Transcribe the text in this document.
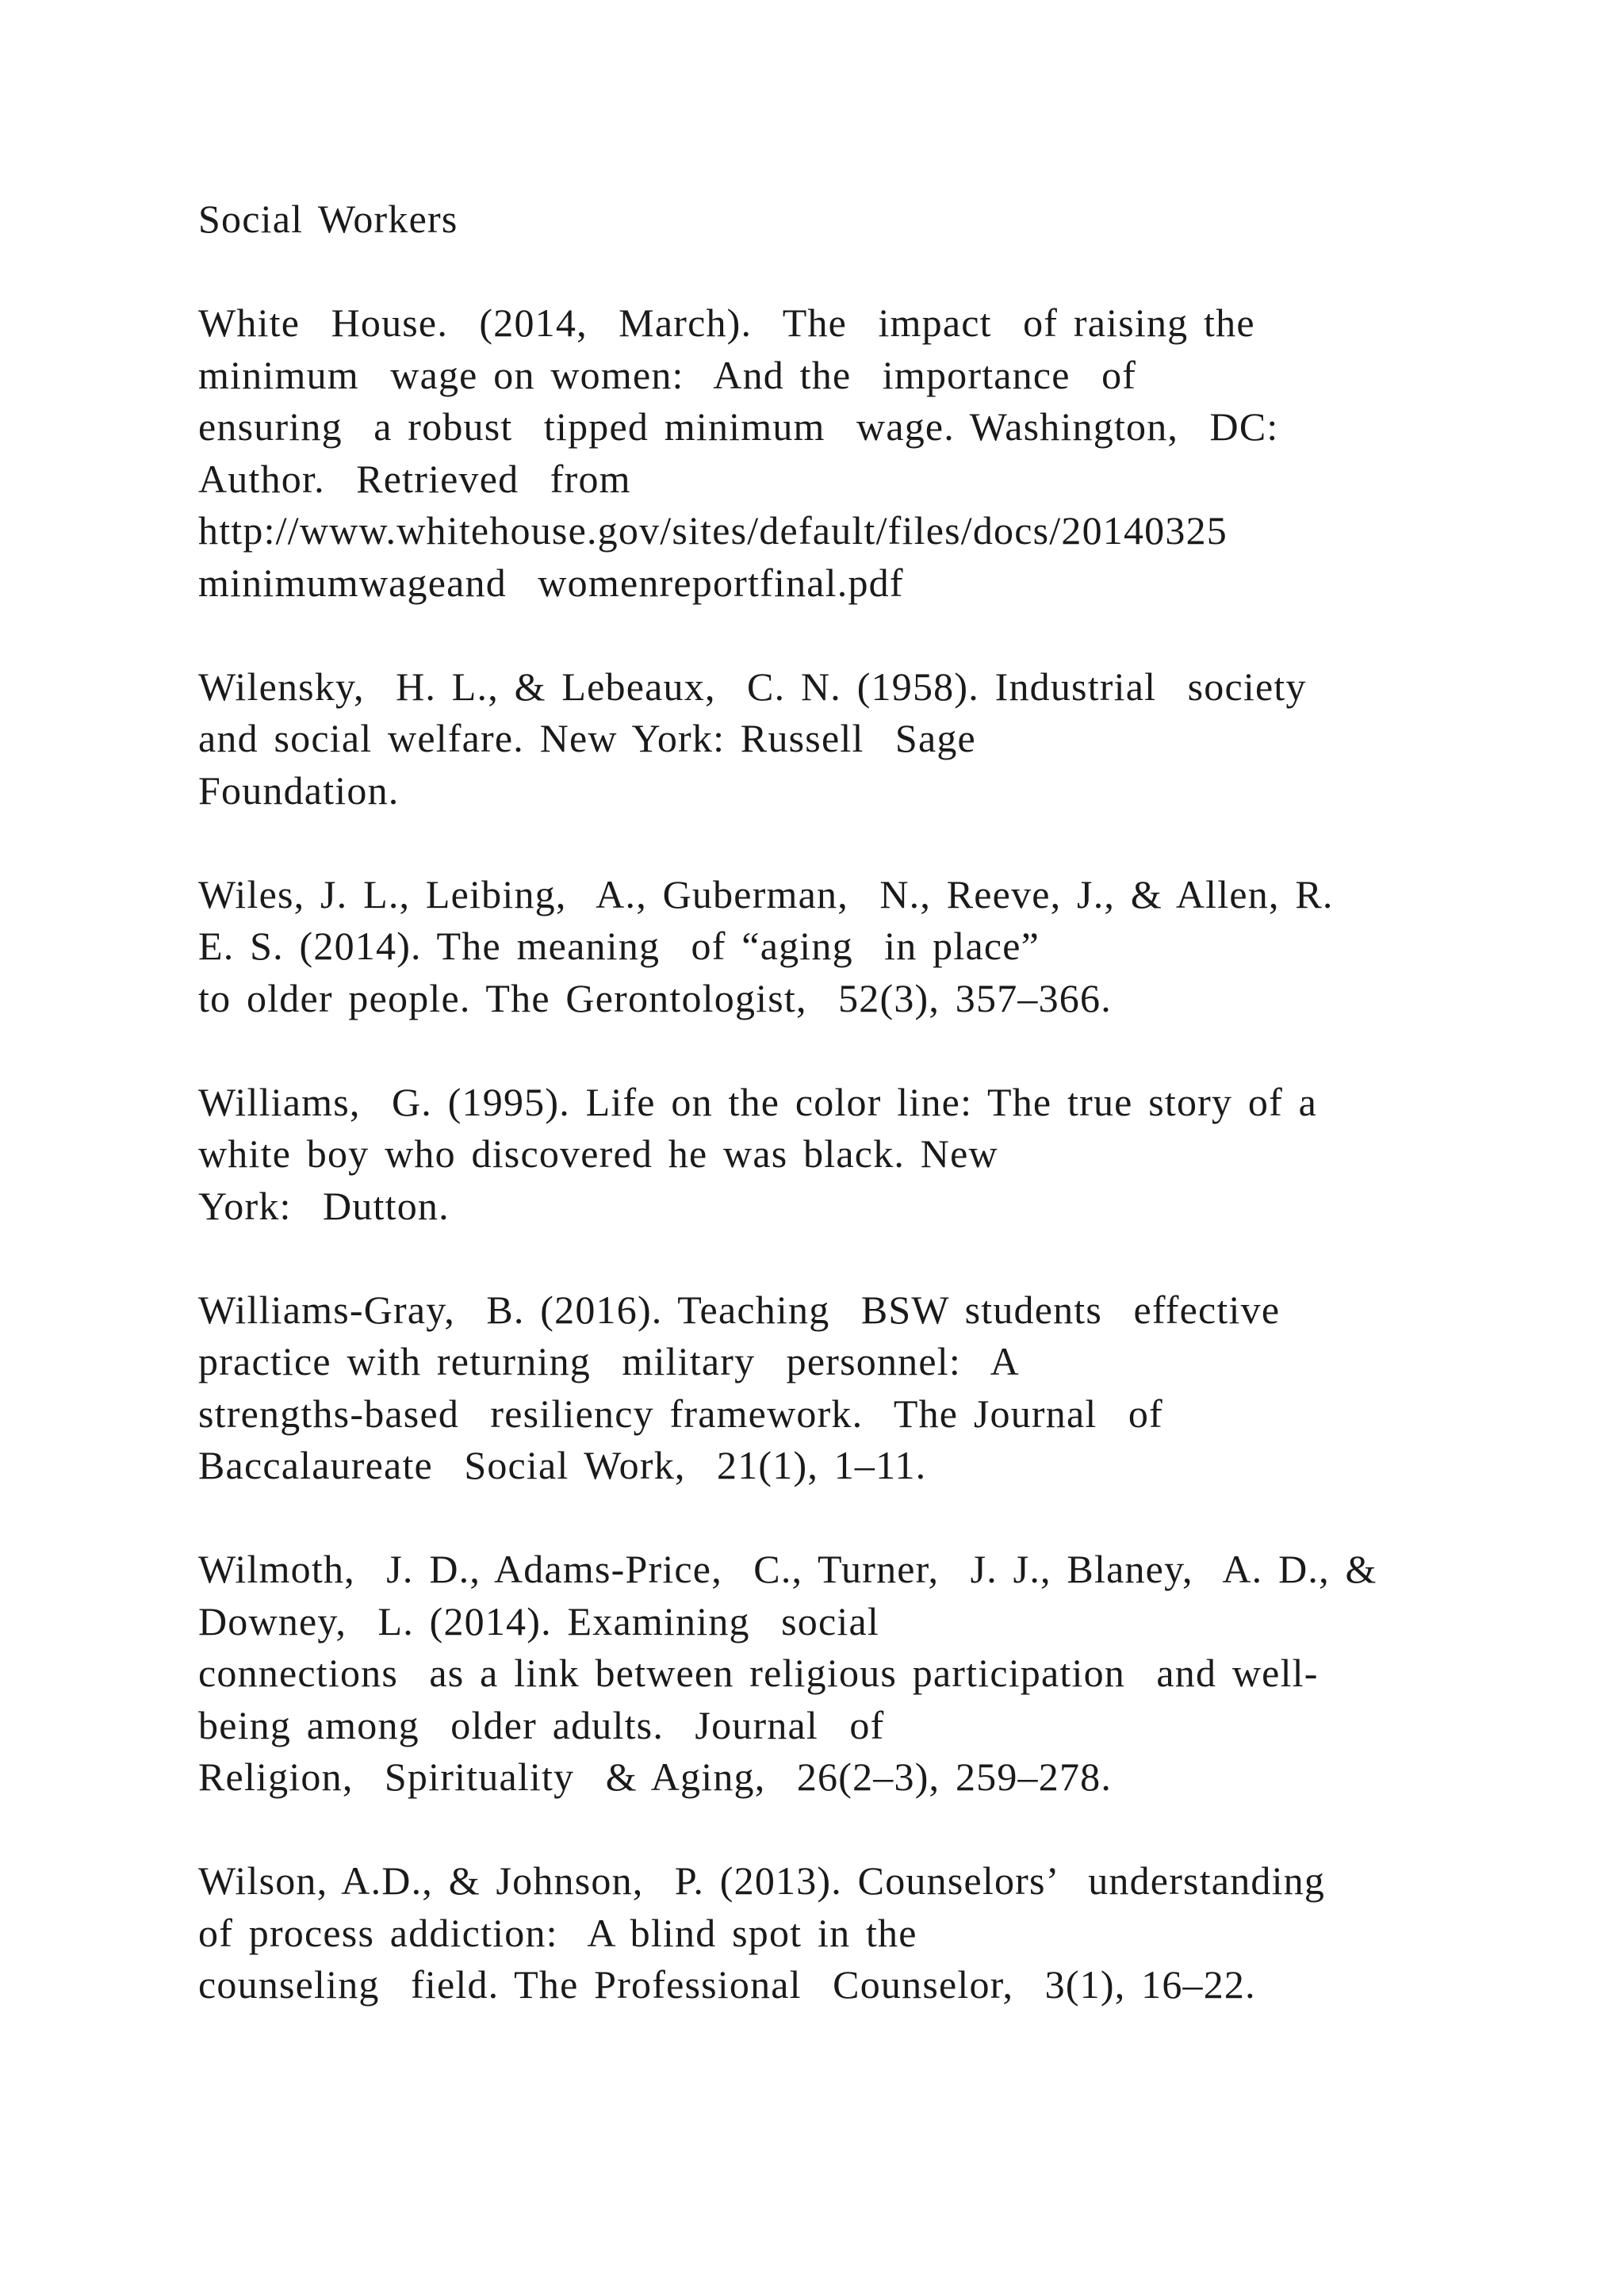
Social Workers
White  House.  (2014,  March).  The  impact  of raising the
minimum  wage on women:  And the  importance  of
ensuring  a robust  tipped minimum  wage. Washington,  DC:
Author.  Retrieved  from
http://www.whitehouse.gov/sites/default/files/docs/20140325
minimumwageand  womenreportfinal.pdf
Wilensky,  H. L., & Lebeaux,  C. N. (1958). Industrial  society
and social welfare. New York: Russell  Sage
Foundation.
Wiles, J. L., Leibing,  A., Guberman,  N., Reeve, J., & Allen, R.
E. S. (2014). The meaning  of “aging  in place”
to older people. The Gerontologist,  52(3), 357–366.
Williams,  G. (1995). Life on the color line: The true story of a
white boy who discovered he was black. New
York:  Dutton.
Williams-Gray,  B. (2016). Teaching  BSW students  effective
practice with returning  military  personnel:  A
strengths-based  resiliency framework.  The Journal  of
Baccalaureate  Social Work,  21(1), 1–11.
Wilmoth,  J. D., Adams-Price,  C., Turner,  J. J., Blaney,  A. D., &
Downey,  L. (2014). Examining  social
connections  as a link between religious participation  and well-
being among  older adults.  Journal  of
Religion,  Spirituality  & Aging,  26(2–3), 259–278.
Wilson, A.D., & Johnson,  P. (2013). Counselors’  understanding
of process addiction:  A blind spot in the
counseling  field. The Professional  Counselor,  3(1), 16–22.
